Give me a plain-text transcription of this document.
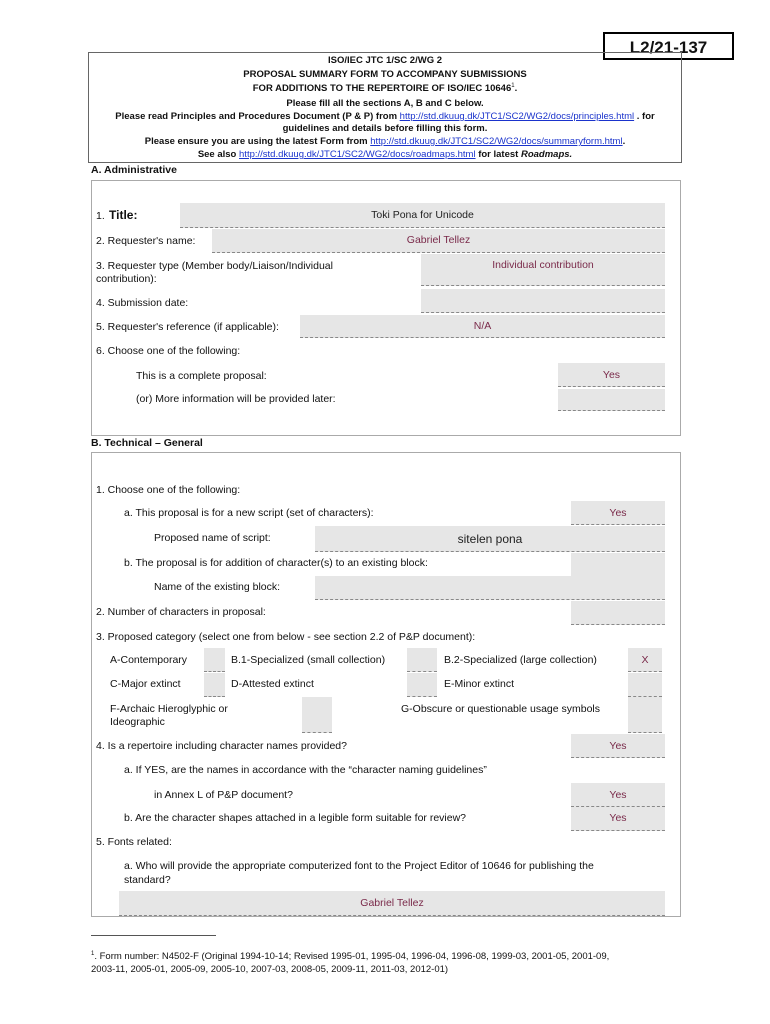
L2/21-137
ISO/IEC JTC 1/SC 2/WG 2
PROPOSAL SUMMARY FORM TO ACCOMPANY SUBMISSIONS
FOR ADDITIONS TO THE REPERTOIRE OF ISO/IEC 10646$^1$.
Please fill all the sections A, B and C below.
Please read Principles and Procedures Document (P & P) from http://std.dkuug.dk/JTC1/SC2/WG2/docs/principles.html . for
guidelines and details before filling this form.
Please ensure you are using the latest Form from http://std.dkuug.dk/JTC1/SC2/WG2/docs/summaryform.html.
See also http://std.dkuug.dk/JTC1/SC2/WG2/docs/roadmaps.html for latest Roadmaps.
A. Administrative
1. Title:	Toki Pona for Unicode
2. Requester's name:	Gabriel Tellez
3. Requester type (Member body/Liaison/Individual
contribution):
Individual contribution
4. Submission date:
5. Requester's reference (if applicable):	N/A
6. Choose one of the following:
This is a complete proposal:	Yes
(or) More information will be provided later:
B. Technical – General
1. Choose one of the following:
a. This proposal is for a new script (set of characters):	Yes
Proposed name of script:	sitelen pona
b. The proposal is for addition of character(s) to an existing block:
Name of the existing block:
2. Number of characters in proposal:
3. Proposed category (select one from below - see section 2.2 of P&P document):
A-Contemporary	B.1-Specialized (small collection)	B.2-Specialized (large collection)	X
C-Major extinct	D-Attested extinct	E-Minor extinct
F-Archaic Hieroglyphic or
Ideographic
G-Obscure or questionable usage symbols
4. Is a repertoire including character names provided?	Yes
a. If YES, are the names in accordance with the “character naming guidelines”
in Annex L of P&P document?	Yes
b. Are the character shapes attached in a legible form suitable for review?	Yes
5. Fonts related:
a. Who will provide the appropriate computerized font to the Project Editor of 10646 for publishing the
standard?
Gabriel Tellez
$^1$. Form number: N4502-F (Original 1994-10-14; Revised 1995-01, 1995-04, 1996-04, 1996-08, 1999-03, 2001-05, 2001-09,
2003-11, 2005-01, 2005-09, 2005-10, 2007-03, 2008-05, 2009-11, 2011-03, 2012-01)
